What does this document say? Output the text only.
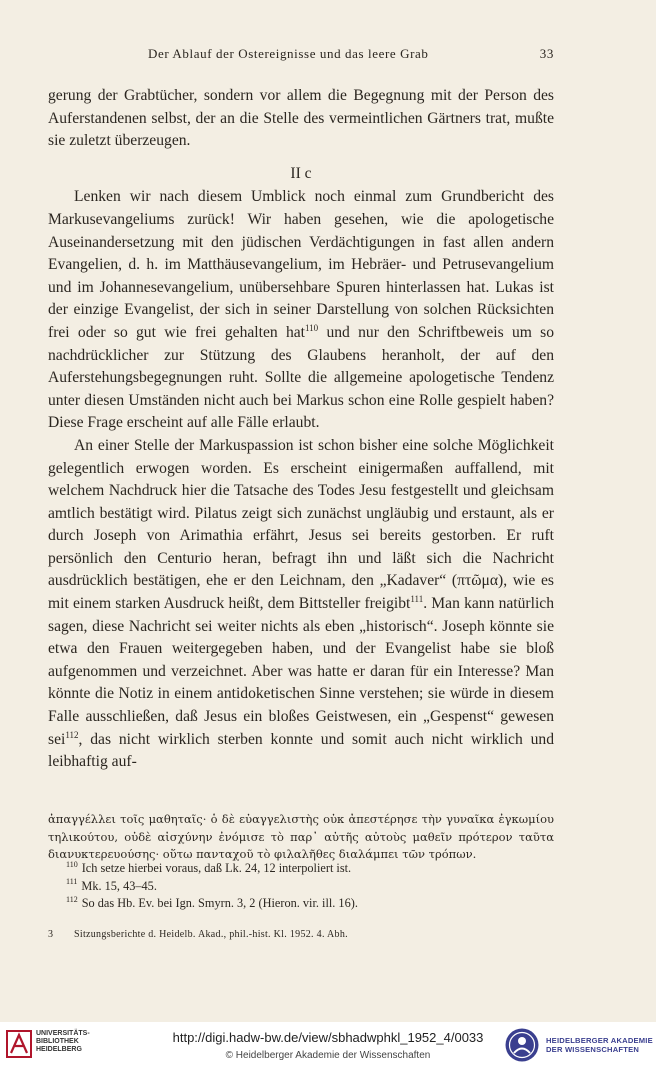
Der Ablauf der Ostereignisse und das leere Grab	33

gerung der Grabtücher, sondern vor allem die Begegnung mit der Person des Auferstandenen selbst, der an die Stelle des vermeintlichen Gärtners trat, mußte sie zuletzt überzeugen.

II c

Lenken wir nach diesem Umblick noch einmal zum Grundbericht des Markusevangeliums zurück! Wir haben gesehen, wie die apologetische Auseinandersetzung mit den jüdischen Verdächtigungen in fast allen andern Evangelien, d. h. im Matthäusevangelium, im Hebräer- und Petrusevangelium und im Johannesevangelium, unübersehbare Spuren hinterlassen hat. Lukas ist der einzige Evangelist, der sich in seiner Darstellung von solchen Rücksichten frei oder so gut wie frei gehalten hat$^{110}$ und nur den Schriftbeweis um so nachdrücklicher zur Stützung des Glaubens heranholt, der auf den Auferstehungsbegegnungen ruht. Sollte die allgemeine apologetische Tendenz unter diesen Umständen nicht auch bei Markus schon eine Rolle gespielt haben? Diese Frage erscheint auf alle Fälle erlaubt.

An einer Stelle der Markuspassion ist schon bisher eine solche Möglichkeit gelegentlich erwogen worden. Es erscheint einigermaßen auffallend, mit welchem Nachdruck hier die Tatsache des Todes Jesu festgestellt und gleichsam amtlich bestätigt wird. Pilatus zeigt sich zunächst ungläubig und erstaunt, als er durch Joseph von Arimathia erfährt, Jesus sei bereits gestorben. Er ruft persönlich den Centurio heran, befragt ihn und läßt sich die Nachricht ausdrücklich bestätigen, ehe er den Leichnam, den „Kadaver“ (πτῶμα), wie es mit einem starken Ausdruck heißt, dem Bittsteller freigibt$^{111}$. Man kann natürlich sagen, diese Nachricht sei weiter nichts als eben „historisch“. Joseph könnte sie etwa den Frauen weitergegeben haben, und der Evangelist habe sie bloß aufgenommen und verzeichnet. Aber was hatte er daran für ein Interesse? Man könnte die Notiz in einem antidoketischen Sinne verstehen; sie würde in diesem Falle ausschließen, daß Jesus ein bloßes Geistwesen, ein „Gespenst“ gewesen sei$^{112}$, das nicht wirklich sterben konnte und somit auch nicht wirklich und leibhaftig auf-

ἀπαγγέλλει τοῖς μαθηταῖς· ὁ δὲ εὐαγγελιστὴς οὐκ ἀπεστέρησε τὴν γυναῖκα ἐγκωμίου τηλικούτου, οὐδὲ αἰσχύνην ἐνόμισε τὸ παρ᾽ αὐτῆς αὐτοὺς μαθεῖν πρότερον ταῦτα διανυκτερευούσης· οὕτω πανταχοῦ τὸ φιλαλῆθες διαλάμπει τῶν τρόπων.

$^{110}$ Ich setze hierbei voraus, daß Lk. 24, 12 interpoliert ist.
$^{111}$ Mk. 15, 43–45.
$^{112}$ So das Hb. Ev. bei Ign. Smyrn. 3, 2 (Hieron. vir. ill. 16).
3 Sitzungsberichte d. Heidelb. Akad., phil.-hist. Kl. 1952. 4. Abh.
UNIVERSITÄTS-
BIBLIOTHEK
HEIDELBERG
http://digi.hadw-bw.de/view/sbhadwphkl_1952_4/0033
© Heidelberger Akademie der Wissenschaften
HEIDELBERGER AKADEMIE
DER WISSENSCHAFTEN
